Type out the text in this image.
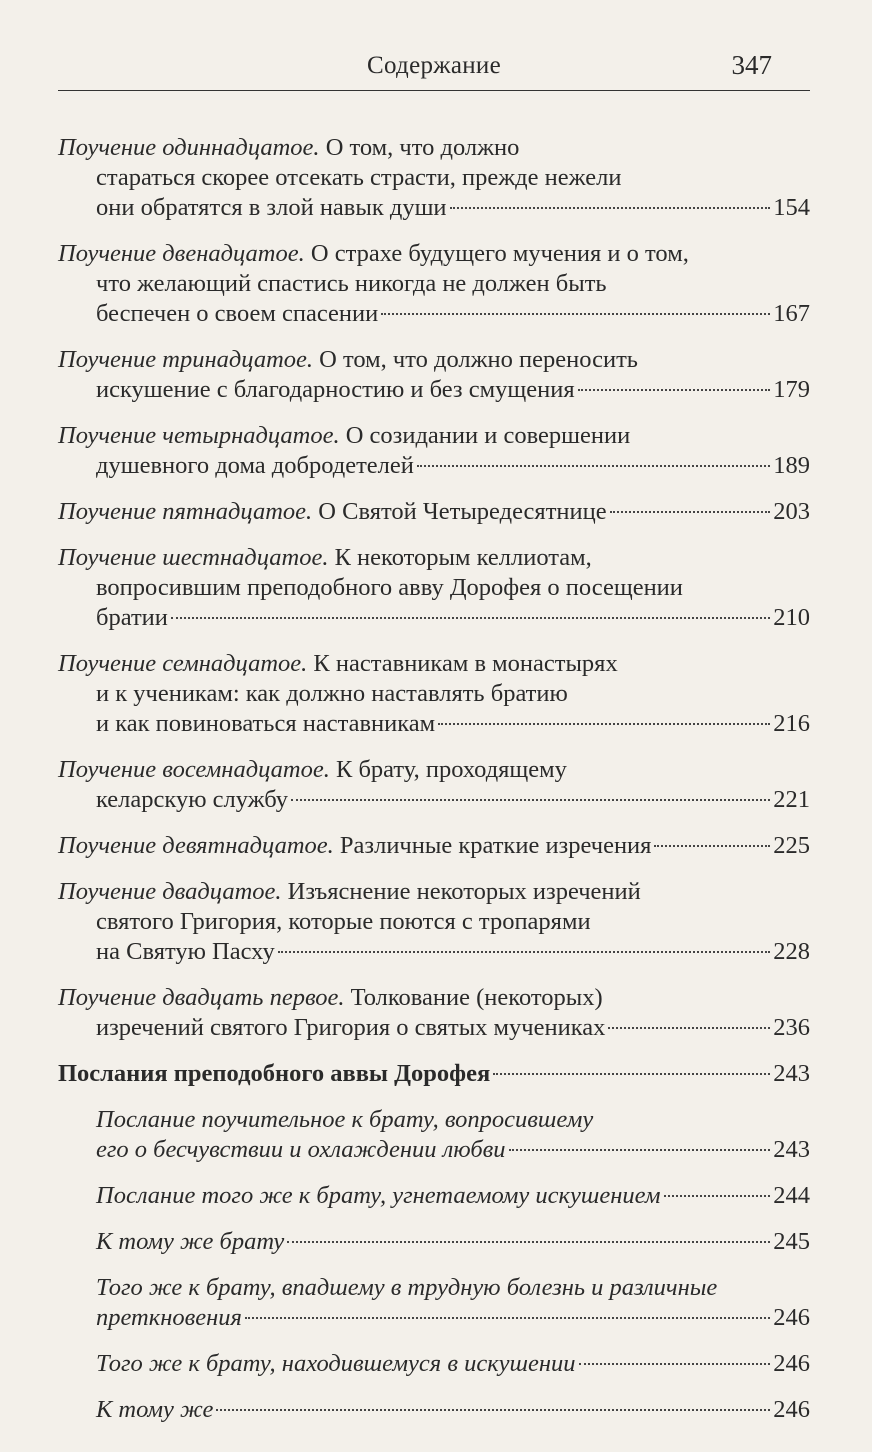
Содержание	347
Поучение одиннадцатое. О том, что должно
стараться скорее отсекать страсти, прежде нежели
они обратятся в злой навык души	154
Поучение двенадцатое. О страхе будущего мучения и о том,
что желающий спастись никогда не должен быть
беспечен о своем спасении	167
Поучение тринадцатое. О том, что должно переносить
искушение с благодарностию и без смущения	179
Поучение четырнадцатое. О созидании и совершении
душевного дома добродетелей	189
Поучение пятнадцатое.
О Святой Четыредесятнице	203
Поучение шестнадцатое. К некоторым келлиотам,
вопросившим преподобного авву Дорофея о посещении
братии	210
Поучение семнадцатое. К наставникам в монастырях
и к ученикам: как должно наставлять братию
и как повиноваться наставникам	216
Поучение восемнадцатое. К брату, проходящему
келарскую службу	221
Поучение девятнадцатое.
Различные краткие изречения	225
Поучение двадцатое. Изъяснение некоторых изречений
святого Григория, которые поются с тропарями
на Святую Пасху	228
Поучение двадцать первое. Толкование (некоторых)
изречений святого Григория о святых мучениках	236
Послания преподобного аввы Дорофея	243
Послание поучительное к брату, вопросившему
его о бесчувствии и охлаждении любви	243
Послание того же к брату, угнетаемому искушением	244
К тому же брату	245
Того же к брату, впадшему в трудную болезнь и различные
преткновения	246
Того же к брату, находившемуся в искушении	246
К тому же	246
